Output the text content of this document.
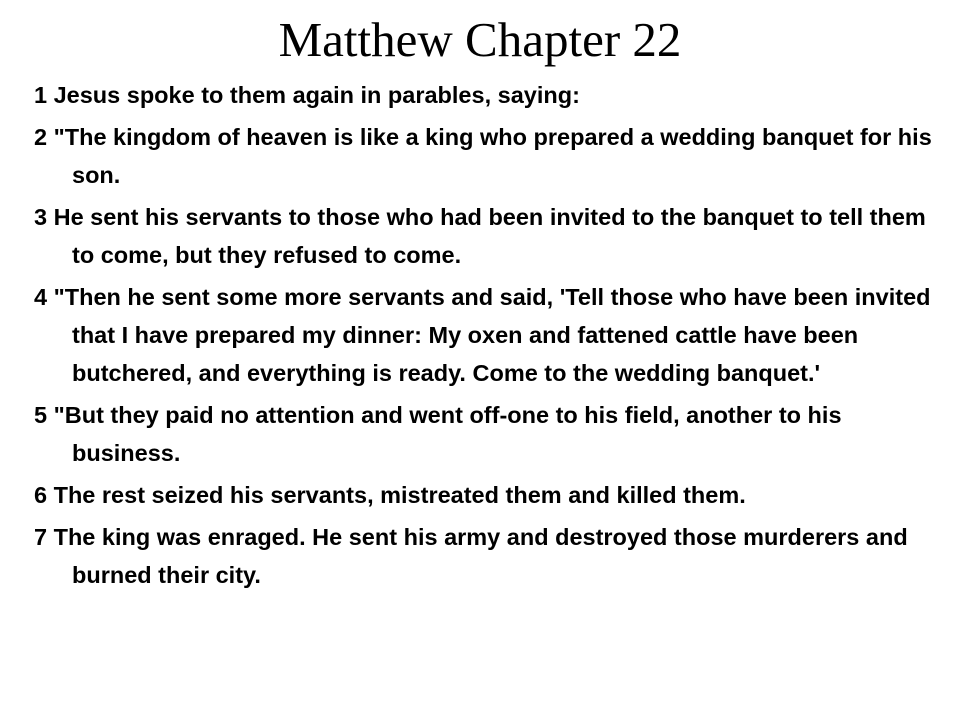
Matthew Chapter 22
1 Jesus spoke to them again in parables, saying:
2 "The kingdom of heaven is like a king who prepared a wedding banquet for his son.
3 He sent his servants to those who had been invited to the banquet to tell them to come, but they refused to come.
4 "Then he sent some more servants and said, 'Tell those who have been invited that I have prepared my dinner: My oxen and fattened cattle have been butchered, and everything is ready. Come to the wedding banquet.'
5 "But they paid no attention and went off-one to his field, another to his business.
6 The rest seized his servants, mistreated them and killed them.
7 The king was enraged. He sent his army and destroyed those murderers and burned their city.
